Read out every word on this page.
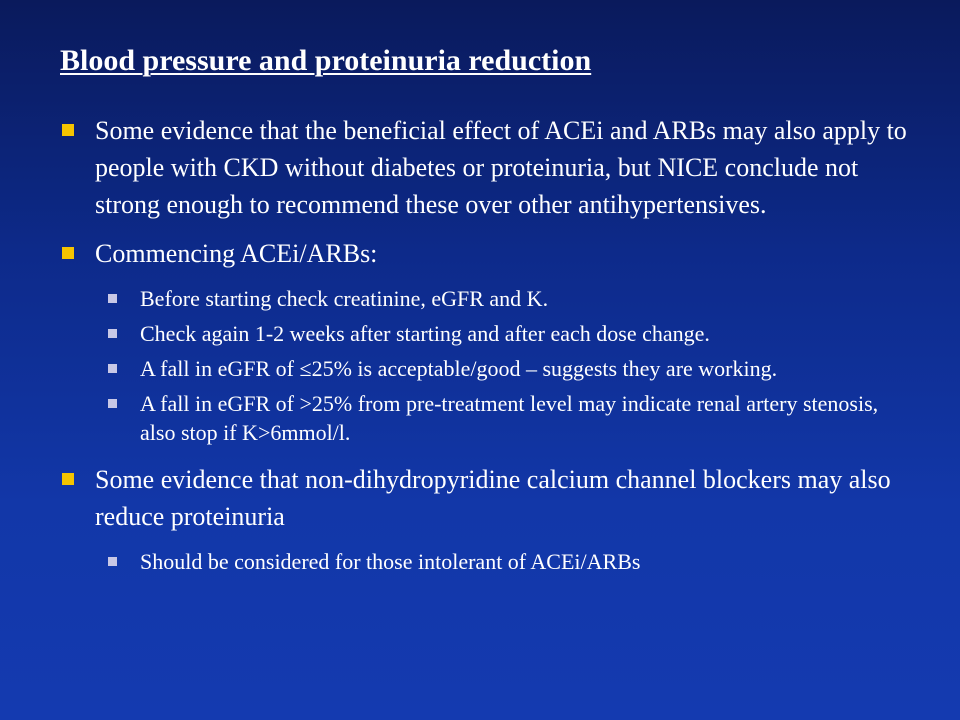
Blood pressure and proteinuria reduction
Some evidence that the beneficial effect of ACEi and ARBs may also apply to people with CKD without diabetes or proteinuria, but NICE conclude not strong enough to recommend these over other antihypertensives.
Commencing ACEi/ARBs:
Before starting check creatinine, eGFR and K.
Check again 1-2 weeks after starting and after each dose change.
A fall in eGFR of ≤25% is acceptable/good – suggests they are working.
A fall in eGFR of >25% from pre-treatment level may indicate renal artery stenosis, also stop if K>6mmol/l.
Some evidence that non-dihydropyridine calcium channel blockers may also reduce proteinuria
Should be considered for those intolerant of ACEi/ARBs
